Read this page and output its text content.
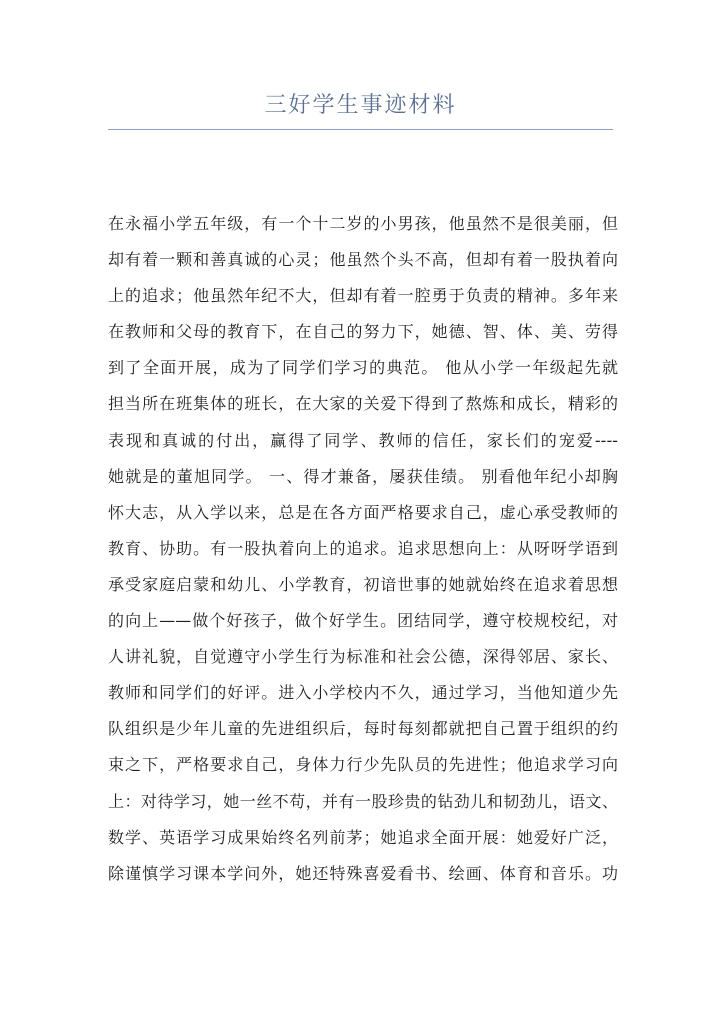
三好学生事迹材料
在永福小学五年级，有一个十二岁的小男孩，他虽然不是很美丽，但
却有着一颗和善真诚的心灵；他虽然个头不高，但却有着一股执着向
上的追求；他虽然年纪不大，但却有着一腔勇于负责的精神。多年来
在教师和父母的教育下，在自己的努力下，她德、智、体、美、劳得
到了全面开展，成为了同学们学习的典范。 他从小学一年级起先就
担当所在班集体的班长，在大家的关爱下得到了熬炼和成长，精彩的
表现和真诚的付出，赢得了同学、教师的信任，家长们的宠爱----
她就是的董旭同学。 一、得才兼备，屡获佳绩。 别看他年纪小却胸
怀大志，从入学以来，总是在各方面严格要求自己，虚心承受教师的
教育、协助。有一股执着向上的追求。追求思想向上：从呀呀学语到
承受家庭启蒙和幼儿、小学教育，初谙世事的她就始终在追求着思想
的向上——做个好孩子，做个好学生。团结同学，遵守校规校纪，对
人讲礼貌，自觉遵守小学生行为标准和社会公德，深得邻居、家长、
教师和同学们的好评。进入小学校内不久，通过学习，当他知道少先
队组织是少年儿童的先进组织后，每时每刻都就把自己置于组织的约
束之下，严格要求自己，身体力行少先队员的先进性；他追求学习向
上：对待学习，她一丝不苟，并有一股珍贵的钻劲儿和韧劲儿，语文、
数学、英语学习成果始终名列前茅；她追求全面开展：她爱好广泛，
除谨慎学习课本学问外，她还特殊喜爱看书、绘画、体育和音乐。功
